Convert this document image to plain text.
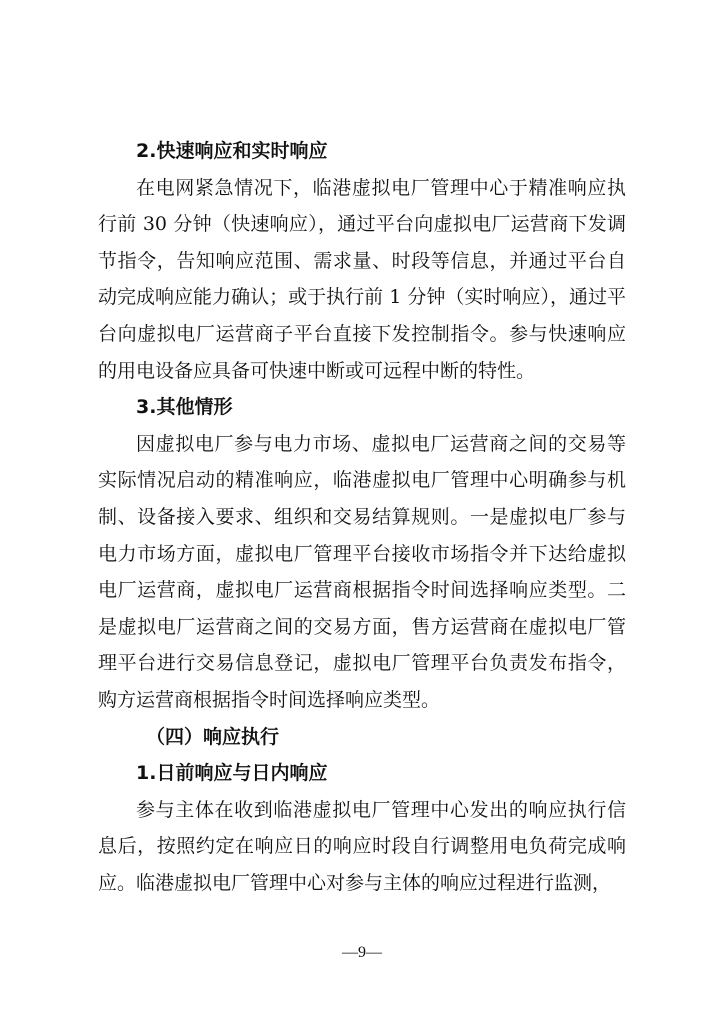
2.快速响应和实时响应

在电网紧急情况下，临港虚拟电厂管理中心于精准响应执行前 30 分钟（快速响应），通过平台向虚拟电厂运营商下发调节指令，告知响应范围、需求量、时段等信息，并通过平台自动完成响应能力确认；或于执行前 1 分钟（实时响应），通过平台向虚拟电厂运营商子平台直接下发控制指令。参与快速响应的用电设备应具备可快速中断或可远程中断的特性。

3.其他情形

因虚拟电厂参与电力市场、虚拟电厂运营商之间的交易等实际情况启动的精准响应，临港虚拟电厂管理中心明确参与机制、设备接入要求、组织和交易结算规则。一是虚拟电厂参与电力市场方面，虚拟电厂管理平台接收市场指令并下达给虚拟电厂运营商，虚拟电厂运营商根据指令时间选择响应类型。二是虚拟电厂运营商之间的交易方面，售方运营商在虚拟电厂管理平台进行交易信息登记，虚拟电厂管理平台负责发布指令，购方运营商根据指令时间选择响应类型。

（四）响应执行
1.日前响应与日内响应

参与主体在收到临港虚拟电厂管理中心发出的响应执行信息后，按照约定在响应日的响应时段自行调整用电负荷完成响应。临港虚拟电厂管理中心对参与主体的响应过程进行监测，

—9—
